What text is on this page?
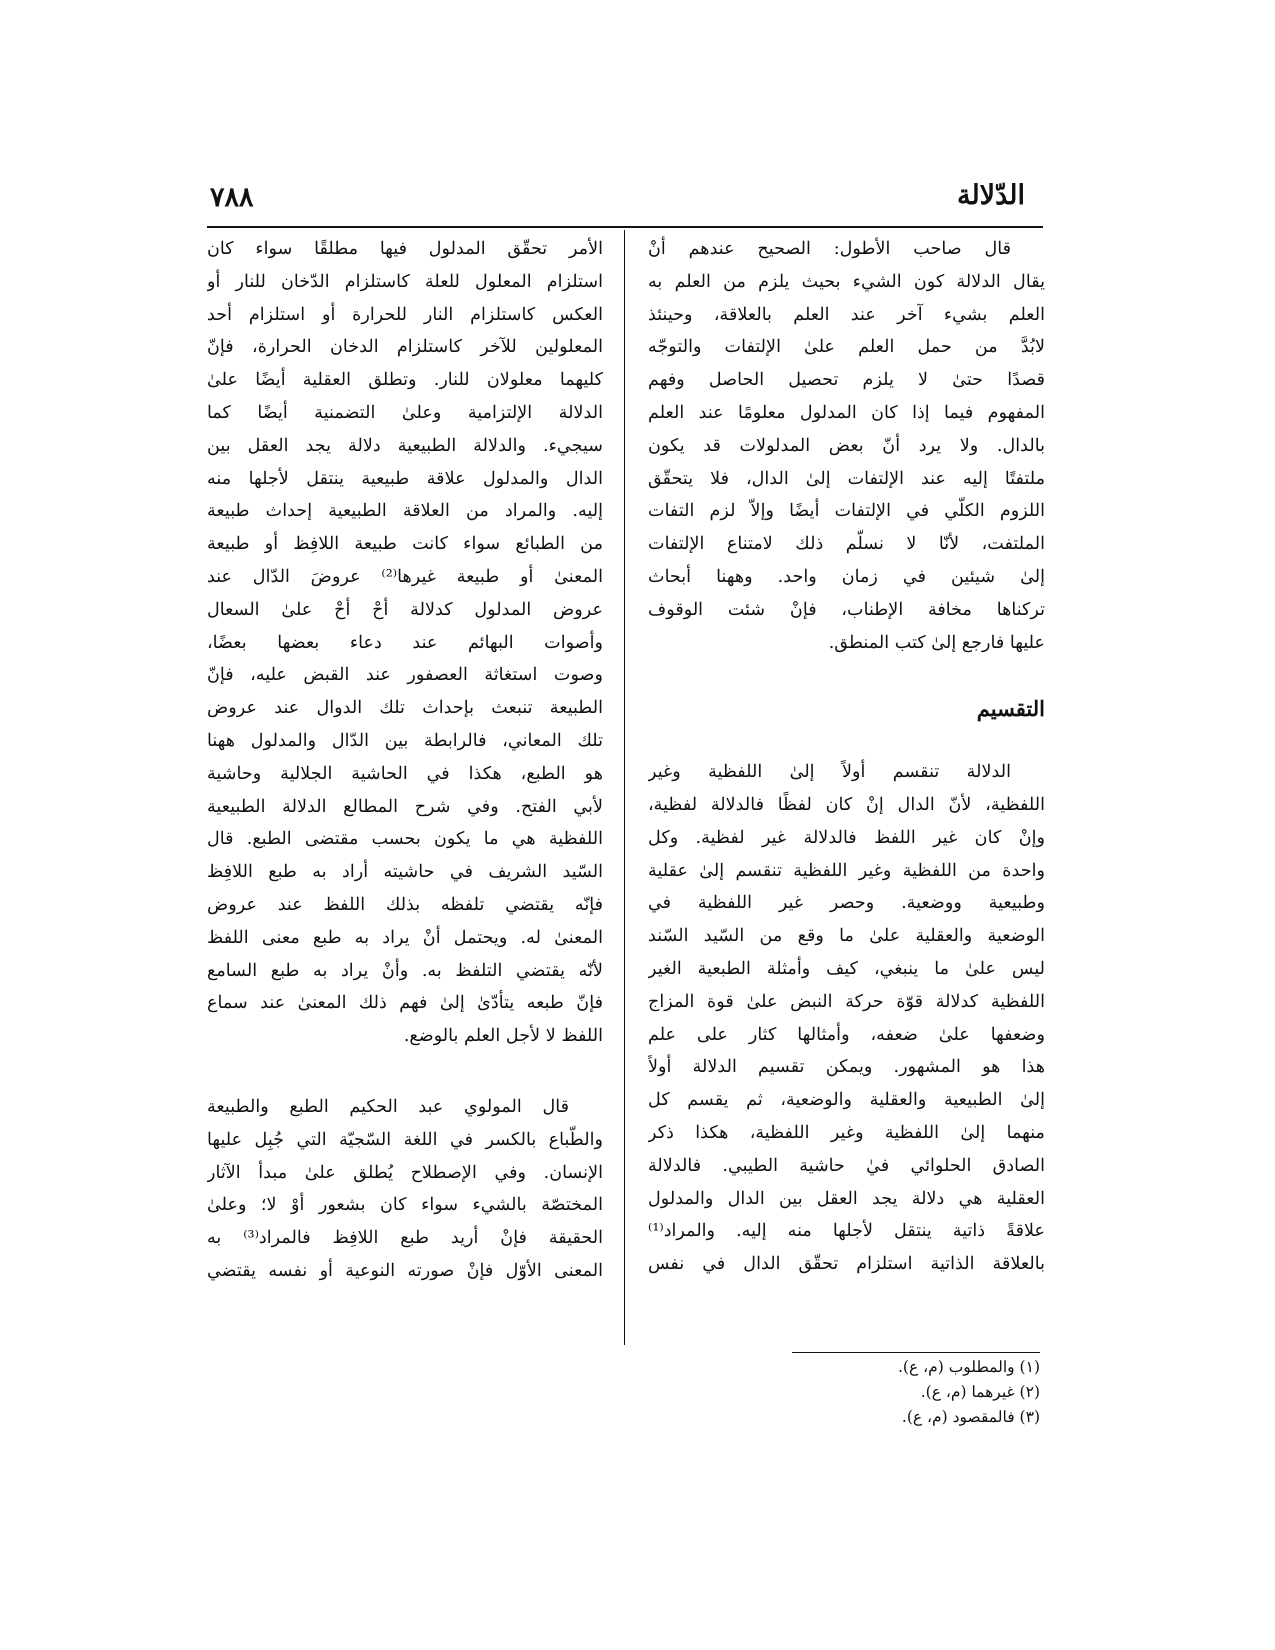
الدّلالة
٧٨٨
قال صاحب الأطول: الصحيح عندهم أنْ
يقال الدلالة كون الشيء بحيث يلزم من العلم به
العلم بشيء آخر عند العلم بالعلاقة، وحينئذ
لابُدَّ من حمل العلم علىٰ الإلتفات والتوجّه
قصدًا حتىٰ لا يلزم تحصيل الحاصل وفهم
المفهوم فيما إذا كان المدلول معلومًا عند العلم
بالدال. ولا يرد أنّ بعض المدلولات قد يكون
ملتفتًا إليه عند الإلتفات إلىٰ الدال، فلا يتحقّق
اللزوم الكلّي في الإلتفات أيضًا وإلاّ لزم التفات
الملتفت، لأنّا لا نسلّم ذلك لامتناع الإلتفات
إلىٰ شيئين في زمان واحد. وههنا أبحاث
تركناها مخافة الإطناب، فإنْ شئت الوقوف
عليها فارجع إلىٰ كتب المنطق.
التقسيم
الدلالة تنقسم أولاً إلىٰ اللفظية وغير
اللفظية، لأنّ الدال إنْ كان لفظًا فالدلالة لفظية،
وإنْ كان غير اللفظ فالدلالة غير لفظية. وكل
واحدة من اللفظية وغير اللفظية تنقسم إلىٰ عقلية
وطبيعية ووضعية. وحصر غير اللفظية في
الوضعية والعقلية علىٰ ما وقع من السّيد السّند
ليس علىٰ ما ينبغي، كيف وأمثلة الطبعية الغير
اللفظية كدلالة قوّة حركة النبض علىٰ قوة المزاج
وضعفها علىٰ ضعفه، وأمثالها كثار على علم
هذا هو المشهور. ويمكن تقسيم الدلالة أولاً
إلىٰ الطبيعية والعقلية والوضعية، ثم يقسم كل
منهما إلىٰ اللفظية وغير اللفظية، هكذا ذكر
الصادق الحلوائي فيٰ حاشية الطيبي. فالدلالة
العقلية هي دلالة يجد العقل بين الدال والمدلول
علاقةً ذاتية ينتقل لأجلها منه إليه. والمراد⁽¹⁾
بالعلاقة الذاتية استلزام تحقّق الدال في نفس
الأمر تحقّق المدلول فيها مطلقًا سواء كان
استلزام المعلول للعلة كاستلزام الدّخان للنار أو
العكس كاستلزام النار للحرارة أو استلزام أحد
المعلولين للآخر كاستلزام الدخان الحرارة، فإنّ
كليهما معلولان للنار. وتطلق العقلية أيضًا علىٰ
الدلالة الإلتزامية وعلىٰ التضمنية أيضًا كما
سيجيء. والدلالة الطبيعية دلالة يجد العقل بين
الدال والمدلول علاقة طبيعية ينتقل لأجلها منه
إليه. والمراد من العلاقة الطبيعية إحداث طبيعة
من الطبائع سواء كانت طبيعة اللافِظ أو طبيعة
المعنىٰ أو طبيعة غيرها⁽²⁾ عروضَ الدّال عند
عروض المدلول كدلالة أحْ أحْ علىٰ السعال
وأصوات البهائم عند دعاء بعضها بعضًا،
وصوت استغاثة العصفور عند القبض عليه، فإنّ
الطبيعة تنبعث بإحداث تلك الدوال عند عروض
تلك المعاني، فالرابطة بين الدّال والمدلول ههنا
هو الطبع، هكذا في الحاشية الجلالية وحاشية
لأبي الفتح. وفي شرح المطالع الدلالة الطبيعية
اللفظية هي ما يكون بحسب مقتضى الطبع. قال
السّيد الشريف في حاشيته أراد به طبع اللافِظ
فإنّه يقتضي تلفظه بذلك اللفظ عند عروض
المعنىٰ له. ويحتمل أنْ يراد به طبع معنى اللفظ
لأنّه يقتضي التلفظ به. وأنْ يراد به طبع السامع
فإنّ طبعه يتأدّىٰ إلىٰ فهم ذلك المعنىٰ عند سماع
اللفظ لا لأجل العلم بالوضع.
قال المولوي عبد الحكيم الطبع والطبيعة
والطّباع بالكسر في اللغة السّجيّة التي جُبِل عليها
الإنسان. وفي الإصطلاح يُطلق علىٰ مبدأ الآثار
المختصّة بالشيء سواء كان بشعور أوْ لا؛ وعلىٰ
الحقيقة فإنْ أريد طبع اللافِظ فالمراد⁽³⁾ به
المعنى الأوّل فإنْ صورته النوعية أو نفسه يقتضي
(١) والمطلوب (م، ع).
(٢) غيرهما (م، ع).
(٣) فالمقصود (م، ع).
